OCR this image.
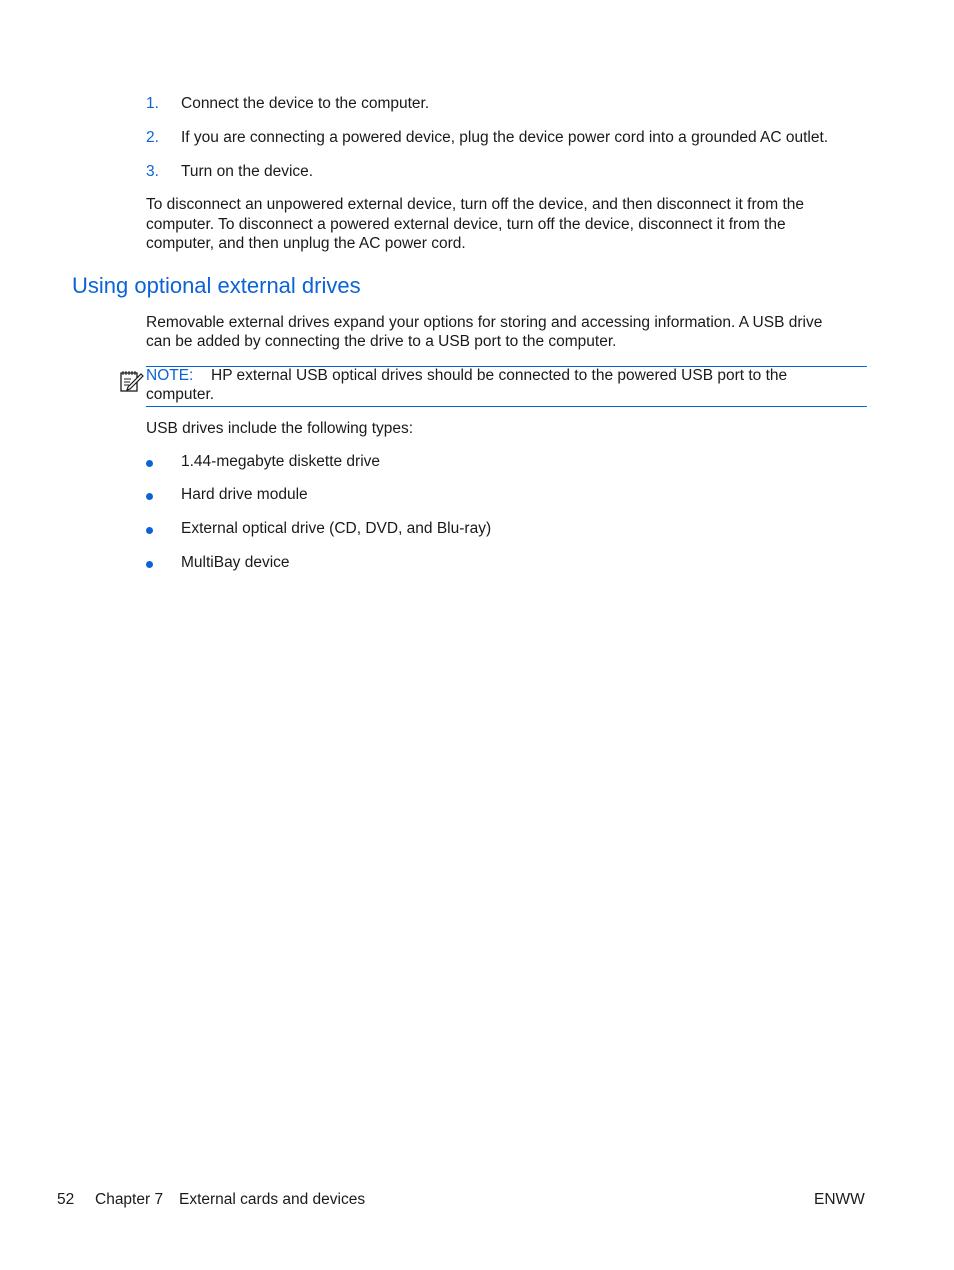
1. Connect the device to the computer.
2. If you are connecting a powered device, plug the device power cord into a grounded AC outlet.
3. Turn on the device.
To disconnect an unpowered external device, turn off the device, and then disconnect it from the
computer. To disconnect a powered external device, turn off the device, disconnect it from the
computer, and then unplug the AC power cord.
Using optional external drives
Removable external drives expand your options for storing and accessing information. A USB drive
can be added by connecting the drive to a USB port to the computer.
NOTE: HP external USB optical drives should be connected to the powered USB port to the
computer.
USB drives include the following types:
1.44-megabyte diskette drive
Hard drive module
External optical drive (CD, DVD, and Blu-ray)
MultiBay device
52 Chapter 7 External cards and devices	ENWW
